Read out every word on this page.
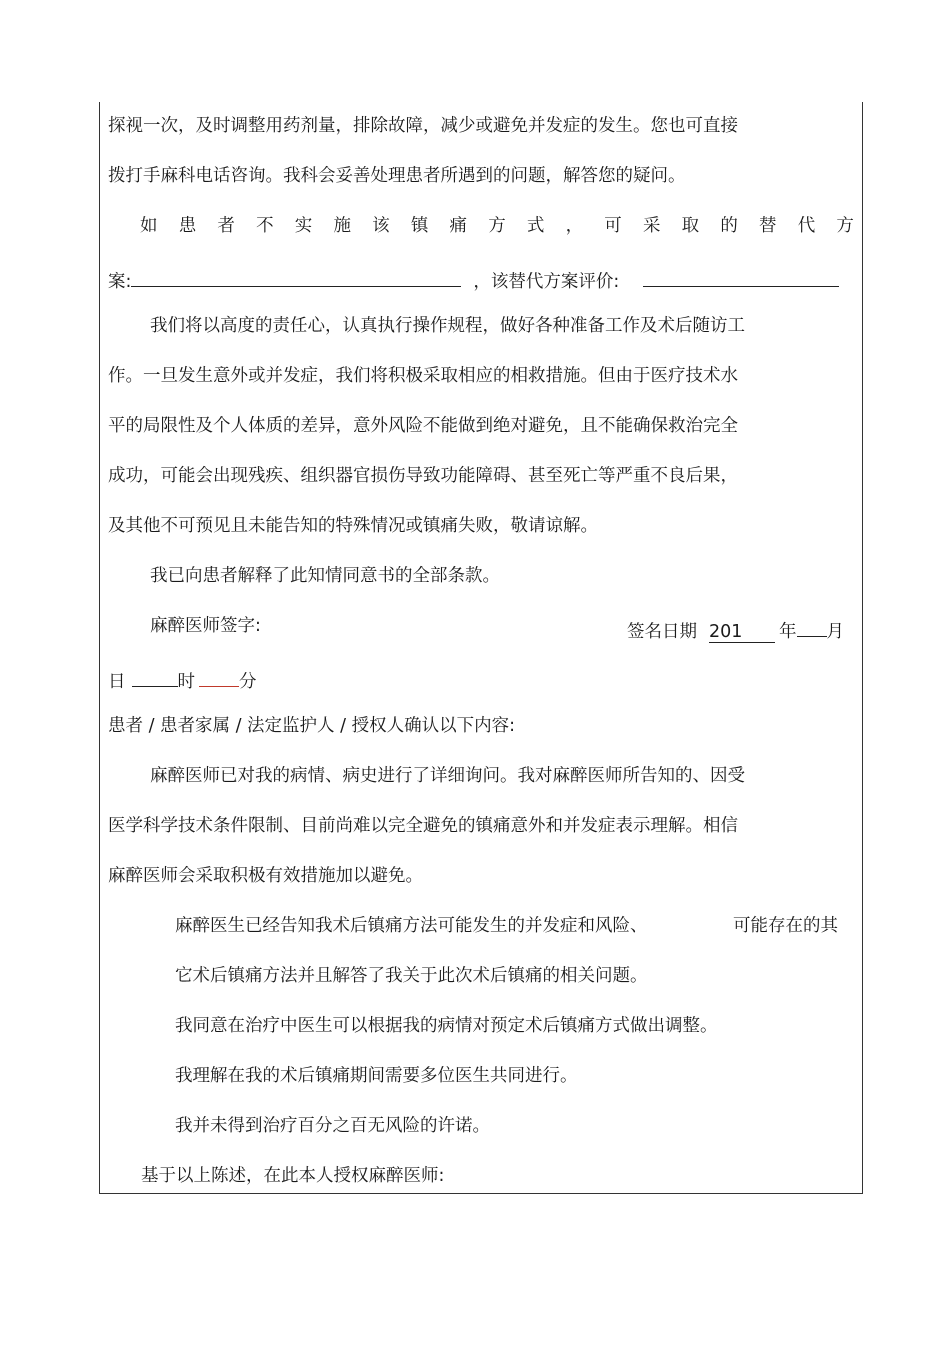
探视一次，及时调整用药剂量，排除故障，减少或避免并发症的发生。您也可直接
拨打手麻科电话咨询。我科会妥善处理患者所遇到的问题，解答您的疑问。
如 患 者 不 实 施 该 镇 痛 方 式 ， 可 采 取 的 替 代 方
案:	，该替代方案评价:
我们将以高度的责任心，认真执行操作规程，做好各种准备工作及术后随访工
作。一旦发生意外或并发症，我们将积极采取相应的相救措施。但由于医疗技术水
平的局限性及个人体质的差异，意外风险不能做到绝对避免，且不能确保救治完全
成功，可能会出现残疾、组织器官损伤导致功能障碍、甚至死亡等严重不良后果，
及其他不可预见且未能告知的特殊情况或镇痛失败，敬请谅解。
我已向患者解释了此知情同意书的全部条款。
麻醉医师签字:	签名日期 201 年 月
日	时	分
患者 / 患者家属 / 法定监护人 / 授权人确认以下内容:
麻醉医师已对我的病情、病史进行了详细询问。我对麻醉医师所告知的、因受
医学科学技术条件限制、目前尚难以完全避免的镇痛意外和并发症表示理解。相信
麻醉医师会采取积极有效措施加以避免。
麻醉医生已经告知我术后镇痛方法可能发生的并发症和风险、	可能存在的其
它术后镇痛方法并且解答了我关于此次术后镇痛的相关问题。
我同意在治疗中医生可以根据我的病情对预定术后镇痛方式做出调整。
我理解在我的术后镇痛期间需要多位医生共同进行。
我并未得到治疗百分之百无风险的许诺。
基于以上陈述，在此本人授权麻醉医师:
